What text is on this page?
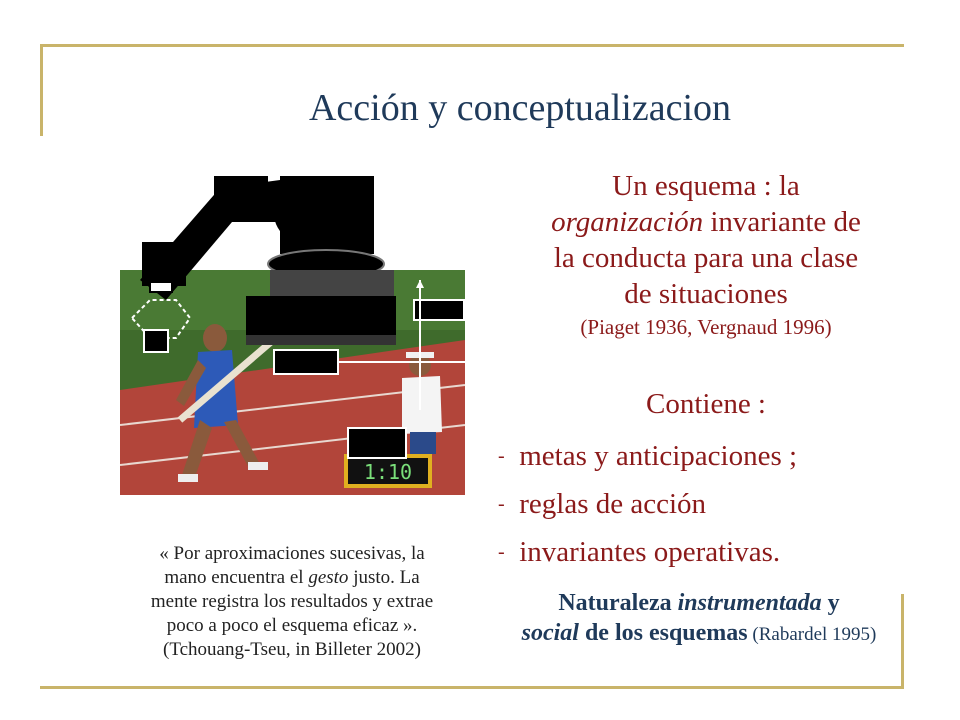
Acción y conceptualizacion
1:10
Un esquema : la
organización invariante de
la conducta para una clase
de situaciones
(Piaget 1936, Vergnaud 1996)
Contiene :
-
metas y anticipaciones ;
-
reglas de acción
-
invariantes operativas.
« Por aproximaciones sucesivas, la
mano encuentra el gesto justo. La
mente registra los resultados y extrae
poco a poco el esquema eficaz ».
(Tchouang-Tseu, in Billeter 2002)
Naturaleza instrumentada y
social de los esquemas (Rabardel 1995)
